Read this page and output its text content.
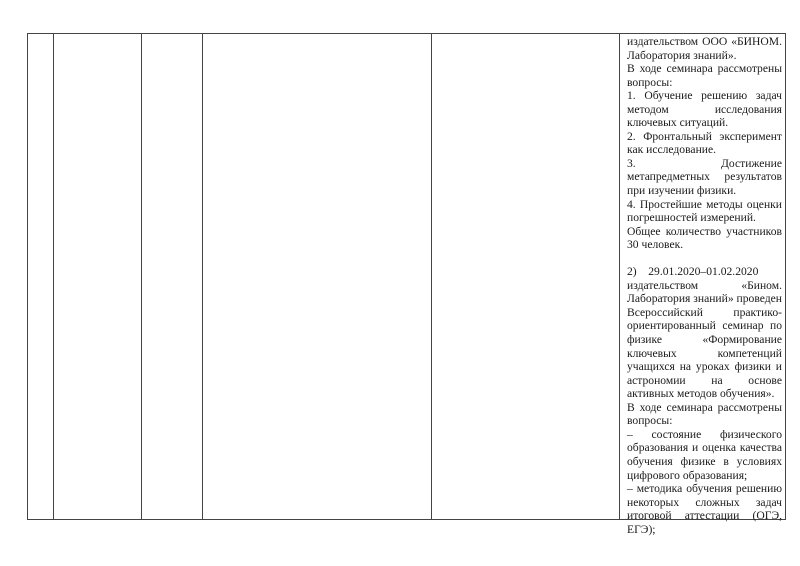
издательством ООО «БИНОМ. Лаборатория знаний».

В ходе семинара рассмотрены вопросы:

1. Обучение решению задач методом исследования ключевых ситуаций.

2. Фронтальный эксперимент как исследование.

3. Достижение метапредметных результатов при изучении физики.

4. Простейшие методы оценки погрешностей измерений.

Общее количество участников 30 человек.

2)    29.01.2020–01.02.2020

издательством «Бином. Лаборатория знаний» проведен Всероссийский практико-ориентированный семинар по физике «Формирование ключевых компетенций учащихся на уроках физики и астрономии на основе активных методов обучения».

В ходе семинара рассмотрены вопросы:

– состояние физического образования и оценка качества обучения физике в условиях цифрового образования;

– методика обучения решению некоторых сложных задач итоговой аттестации (ОГЭ, ЕГЭ);
